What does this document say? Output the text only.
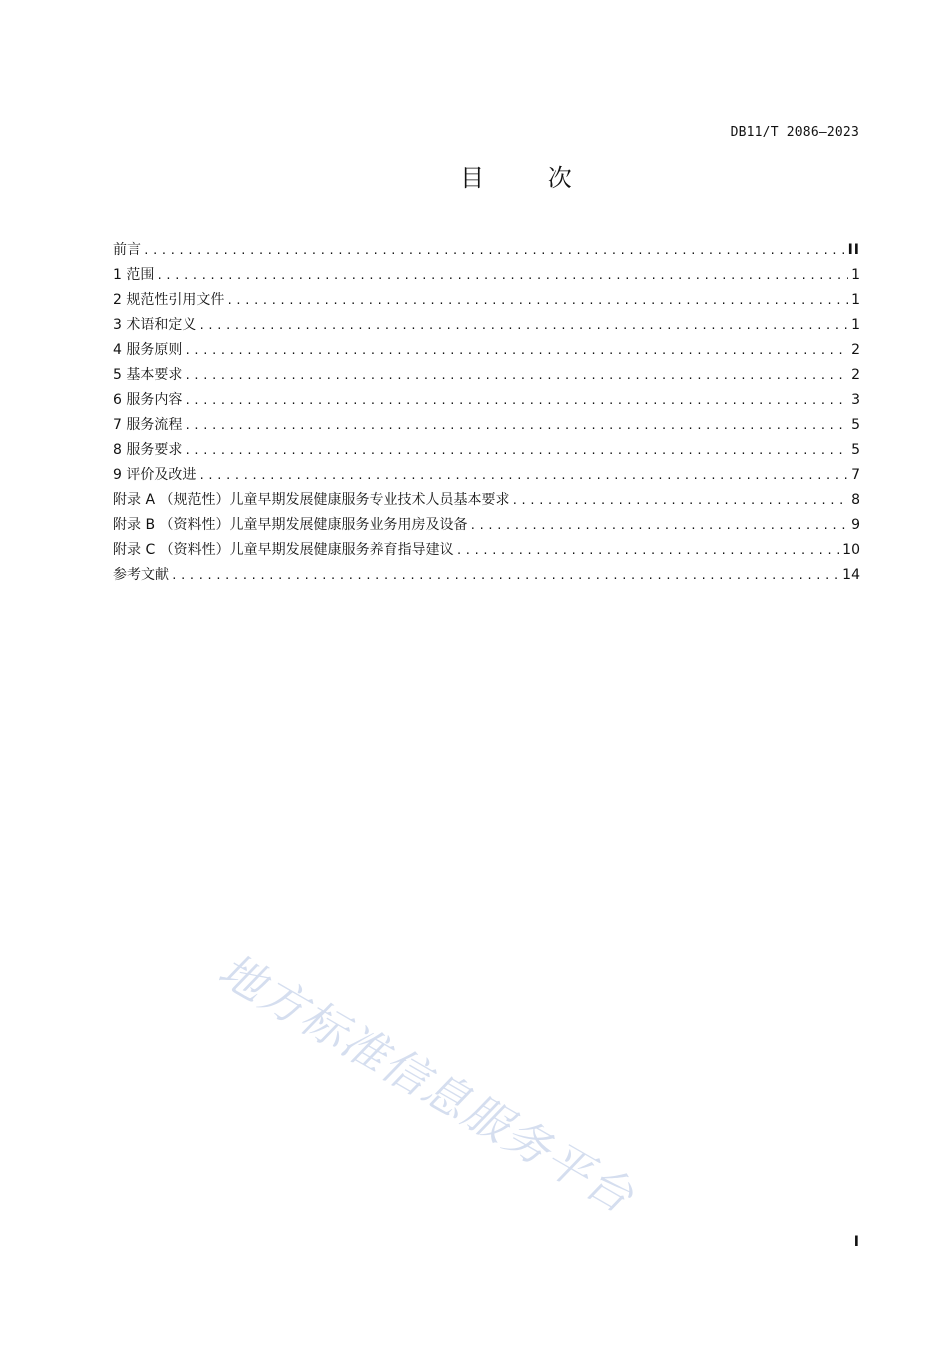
DB11/T 2086—2023
目 次
前言 .....	II
1 范围 .....	1
2 规范性引用文件 .....	1
3 术语和定义 .....	1
4 服务原则 .....	2
5 基本要求 .....	2
6 服务内容 .....	3
7 服务流程 .....	5
8 服务要求 .....	5
9 评价及改进 .....	7
附录 A （规范性）儿童早期发展健康服务专业技术人员基本要求 .....	8
附录 B （资料性）儿童早期发展健康服务业务用房及设备 .....	9
附录 C （资料性）儿童早期发展健康服务养育指导建议 .....	10
参考文献 .....	14
地方标准信息服务平台
I
